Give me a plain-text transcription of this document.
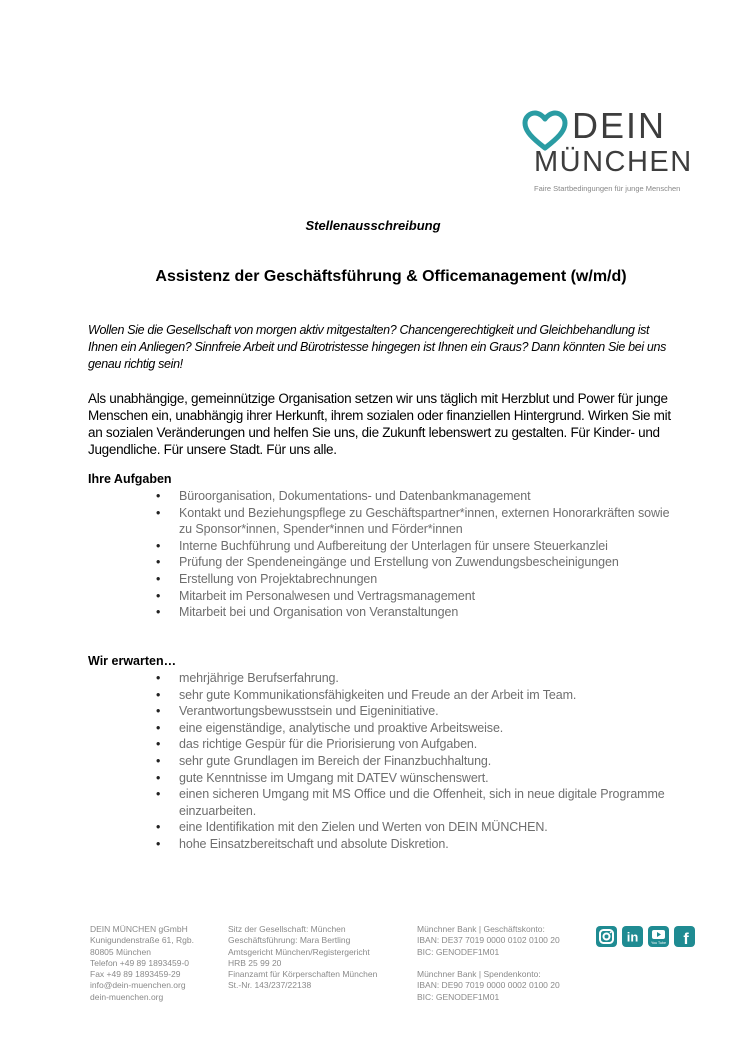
DEIN
MÜNCHEN
Faire Startbedingungen für junge Menschen
Stellenausschreibung
Assistenz der Geschäftsführung & Officemanagement (w/m/d)
Wollen Sie die Gesellschaft von morgen aktiv mitgestalten? Chancengerechtigkeit und Gleichbehandlung ist Ihnen ein Anliegen? Sinnfreie Arbeit und Bürotristesse hingegen ist Ihnen ein Graus? Dann könnten Sie bei uns genau richtig sein!
Als unabhängige, gemeinnützige Organisation setzen wir uns täglich mit Herzblut und Power für junge Menschen ein, unabhängig ihrer Herkunft, ihrem sozialen oder finanziellen Hintergrund. Wirken Sie mit an sozialen Veränderungen und helfen Sie uns, die Zukunft lebenswert zu gestalten. Für Kinder- und Jugendliche. Für unsere Stadt. Für uns alle.
Ihre Aufgaben
• Büroorganisation, Dokumentations- und Datenbankmanagement
• Kontakt und Beziehungspflege zu Geschäftspartner*innen, externen Honorarkräften sowie zu Sponsor*innen, Spender*innen und Förder*innen
• Interne Buchführung und Aufbereitung der Unterlagen für unsere Steuerkanzlei
• Prüfung der Spendeneingänge und Erstellung von Zuwendungsbescheinigungen
• Erstellung von Projektabrechnungen
• Mitarbeit im Personalwesen und Vertragsmanagement
• Mitarbeit bei und Organisation von Veranstaltungen
Wir erwarten…
• mehrjährige Berufserfahrung.
• sehr gute Kommunikationsfähigkeiten und Freude an der Arbeit im Team.
• Verantwortungsbewusstsein und Eigeninitiative.
• eine eigenständige, analytische und proaktive Arbeitsweise.
• das richtige Gespür für die Priorisierung von Aufgaben.
• sehr gute Grundlagen im Bereich der Finanzbuchhaltung.
• gute Kenntnisse im Umgang mit DATEV wünschenswert.
• einen sicheren Umgang mit MS Office und die Offenheit, sich in neue digitale Programme einzuarbeiten.
• eine Identifikation mit den Zielen und Werten von DEIN MÜNCHEN.
• hohe Einsatzbereitschaft und absolute Diskretion.
DEIN MÜNCHEN gGmbH
Kunigundenstraße 61, Rgb.
80805 München
Telefon +49 89 1893459-0
Fax +49 89 1893459-29
info@dein-muenchen.org
dein-muenchen.org
Sitz der Gesellschaft: München
Geschäftsführung: Mara Bertling
Amtsgericht München/Registergericht
HRB 25 99 20
Finanzamt für Körperschaften München
St.-Nr. 143/237/22138
Münchner Bank | Geschäftskonto:
IBAN: DE37 7019 0000 0102 0100 20
BIC: GENODEF1M01
Münchner Bank | Spendenkonto:
IBAN: DE90 7019 0000 0002 0100 20
BIC: GENODEF1M01
in	You Tube f
